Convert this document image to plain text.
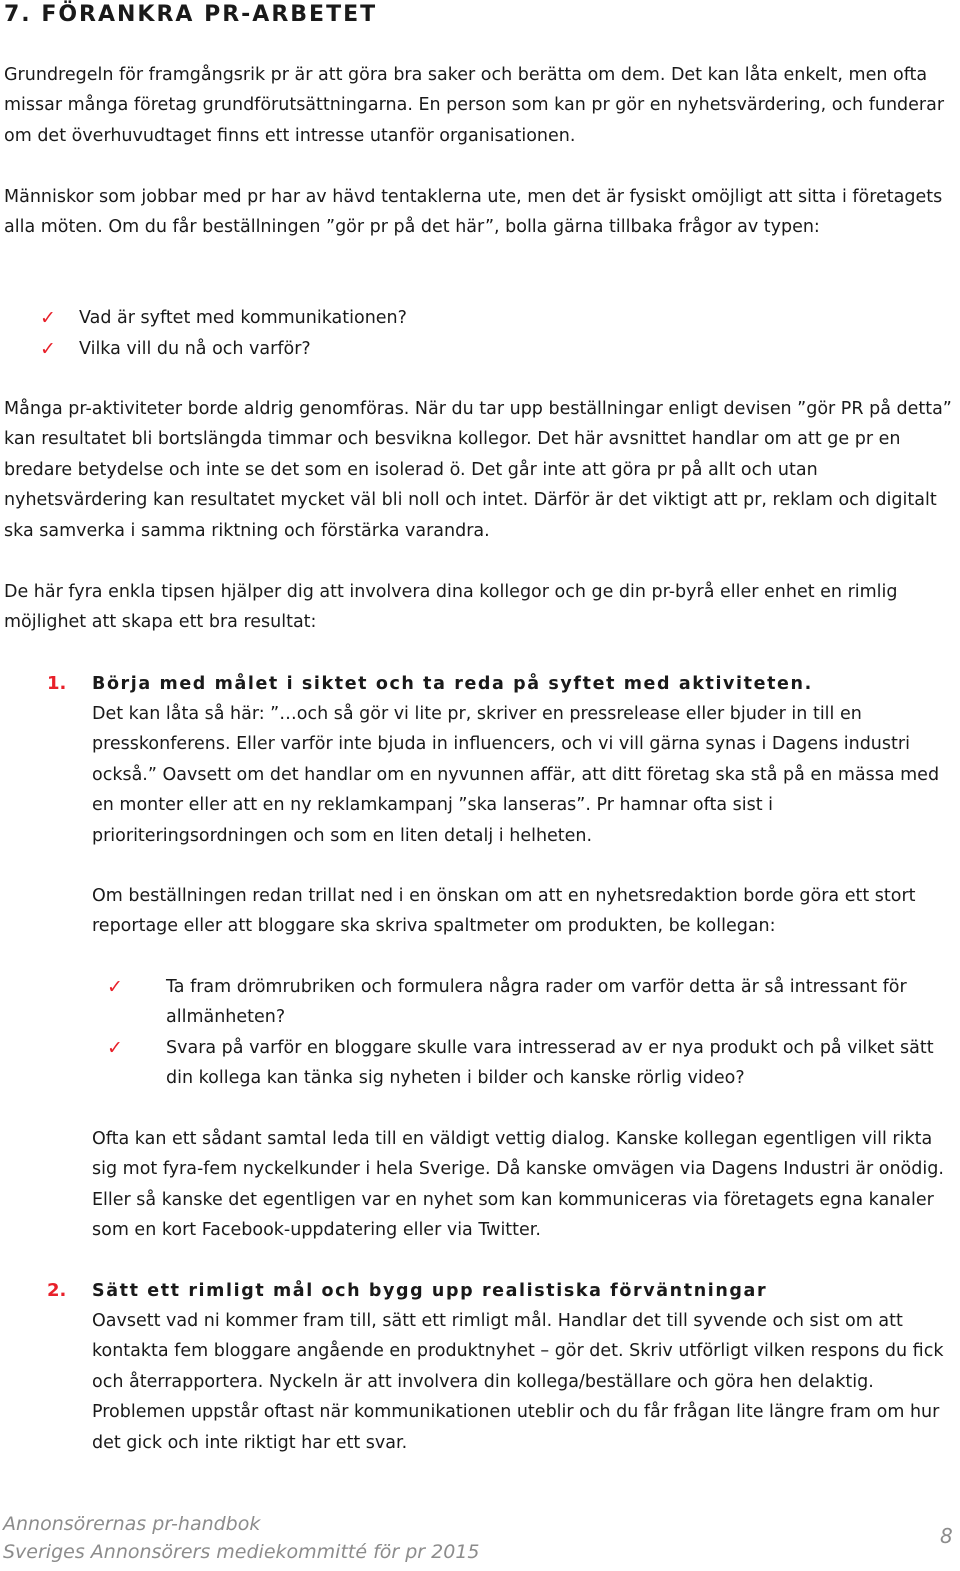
7. FÖRANKRA PR-ARBETET
Grundregeln för framgångsrik pr är att göra bra saker och berätta om dem. Det kan låta enkelt, men ofta missar många företag grundförutsättningarna. En person som kan pr gör en nyhetsvärdering, och funderar om det överhuvudtaget finns ett intresse utanför organisationen.
Människor som jobbar med pr har av hävd tentaklerna ute, men det är fysiskt omöjligt att sitta i företagets alla möten. Om du får beställningen ”gör pr på det här”, bolla gärna tillbaka frågor av typen:
✓ Vad är syftet med kommunikationen?
✓ Vilka vill du nå och varför?
Många pr-aktiviteter borde aldrig genomföras. När du tar upp beställningar enligt devisen ”gör PR på detta” kan resultatet bli bortslängda timmar och besvikna kollegor. Det här avsnittet handlar om att ge pr en bredare betydelse och inte se det som en isolerad ö. Det går inte att göra pr på allt och utan nyhetsvärdering kan resultatet mycket väl bli noll och intet. Därför är det viktigt att pr, reklam och digitalt ska samverka i samma riktning och förstärka varandra.
De här fyra enkla tipsen hjälper dig att involvera dina kollegor och ge din pr-byrå eller enhet en rimlig möjlighet att skapa ett bra resultat:
1. Börja med målet i siktet och ta reda på syftet med aktiviteten.
Det kan låta så här: ”…och så gör vi lite pr, skriver en pressrelease eller bjuder in till en presskonferens. Eller varför inte bjuda in influencers, och vi vill gärna synas i Dagens industri också.” Oavsett om det handlar om en nyvunnen affär, att ditt företag ska stå på en mässa med en monter eller att en ny reklamkampanj ”ska lanseras”. Pr hamnar ofta sist i prioriteringsordningen och som en liten detalj i helheten.
Om beställningen redan trillat ned i en önskan om att en nyhetsredaktion borde göra ett stort reportage eller att bloggare ska skriva spaltmeter om produkten, be kollegan:
✓ Ta fram drömrubriken och formulera några rader om varför detta är så intressant för allmänheten?
✓ Svara på varför en bloggare skulle vara intresserad av er nya produkt och på vilket sätt din kollega kan tänka sig nyheten i bilder och kanske rörlig video?
Ofta kan ett sådant samtal leda till en väldigt vettig dialog. Kanske kollegan egentligen vill rikta sig mot fyra-fem nyckelkunder i hela Sverige. Då kanske omvägen via Dagens Industri är onödig. Eller så kanske det egentligen var en nyhet som kan kommuniceras via företagets egna kanaler som en kort Facebook-uppdatering eller via Twitter.
2. Sätt ett rimligt mål och bygg upp realistiska förväntningar
Oavsett vad ni kommer fram till, sätt ett rimligt mål. Handlar det till syvende och sist om att kontakta fem bloggare angående en produktnyhet – gör det. Skriv utförligt vilken respons du fick och återrapportera. Nyckeln är att involvera din kollega/beställare och göra hen delaktig. Problemen uppstår oftast när kommunikationen uteblir och du får frågan lite längre fram om hur det gick och inte riktigt har ett svar.
Annonsörernas pr-handbok
Sveriges Annonsörers mediekommitté för pr 2015
8
